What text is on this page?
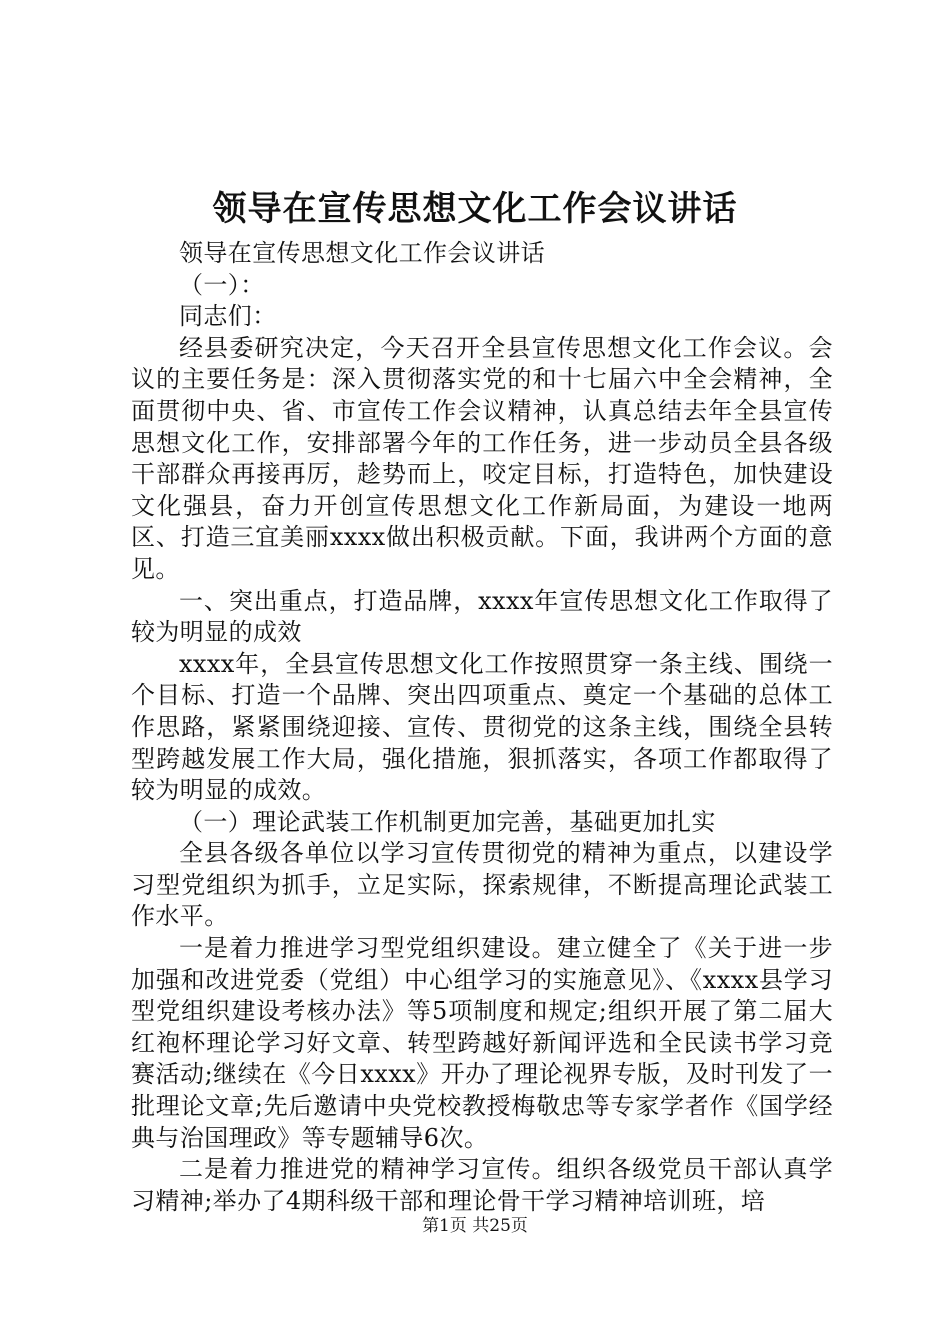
领导在宣传思想文化工作会议讲话

领导在宣传思想文化工作会议讲话

（一）：

同志们：

经县委研究决定，今天召开全县宣传思想文化工作会议。会议的主要任务是：深入贯彻落实党的和十七届六中全会精神，全面贯彻中央、省、市宣传工作会议精神，认真总结去年全县宣传思想文化工作，安排部署今年的工作任务，进一步动员全县各级干部群众再接再厉，趁势而上，咬定目标，打造特色，加快建设文化强县，奋力开创宣传思想文化工作新局面，为建设一地两区、打造三宜美丽xxxx做出积极贡献。下面，我讲两个方面的意见。

一、突出重点，打造品牌，xxxx年宣传思想文化工作取得了较为明显的成效

xxxx年，全县宣传思想文化工作按照贯穿一条主线、围绕一个目标、打造一个品牌、突出四项重点、奠定一个基础的总体工作思路，紧紧围绕迎接、宣传、贯彻党的这条主线，围绕全县转型跨越发展工作大局，强化措施，狠抓落实，各项工作都取得了较为明显的成效。

（一）理论武装工作机制更加完善，基础更加扎实

全县各级各单位以学习宣传贯彻党的精神为重点，以建设学习型党组织为抓手，立足实际，探索规律，不断提高理论武装工作水平。

一是着力推进学习型党组织建设。建立健全了《关于进一步加强和改进党委（党组）中心组学习的实施意见》、《xxxx县学习型党组织建设考核办法》等5项制度和规定;组织开展了第二届大红袍杯理论学习好文章、转型跨越好新闻评选和全民读书学习竞赛活动;继续在《今日xxxx》开办了理论视界专版，及时刊发了一批理论文章;先后邀请中央党校教授梅敬忠等专家学者作《国学经典与治国理政》等专题辅导6次。

二是着力推进党的精神学习宣传。组织各级党员干部认真学习精神;举办了4期科级干部和理论骨干学习精神培训班，培

第1页 共25页
